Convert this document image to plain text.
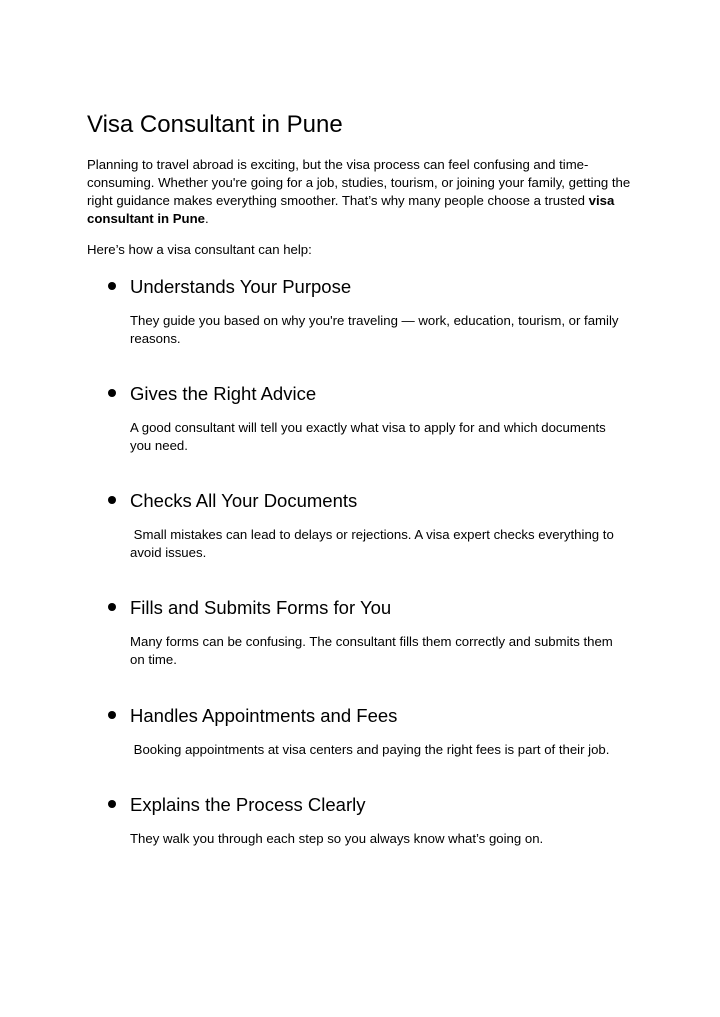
Visa Consultant in Pune

Planning to travel abroad is exciting, but the visa process can feel confusing and time-consuming. Whether you're going for a job, studies, tourism, or joining your family, getting the right guidance makes everything smoother. That’s why many people choose a trusted visa consultant in Pune.

Here’s how a visa consultant can help:

Understands Your Purpose

They guide you based on why you're traveling — work, education, tourism, or family reasons.

Gives the Right Advice

A good consultant will tell you exactly what visa to apply for and which documents you need.

Checks All Your Documents

Small mistakes can lead to delays or rejections. A visa expert checks everything to avoid issues.

Fills and Submits Forms for You

Many forms can be confusing. The consultant fills them correctly and submits them on time.

Handles Appointments and Fees

Booking appointments at visa centers and paying the right fees is part of their job.

Explains the Process Clearly

They walk you through each step so you always know what’s going on.
